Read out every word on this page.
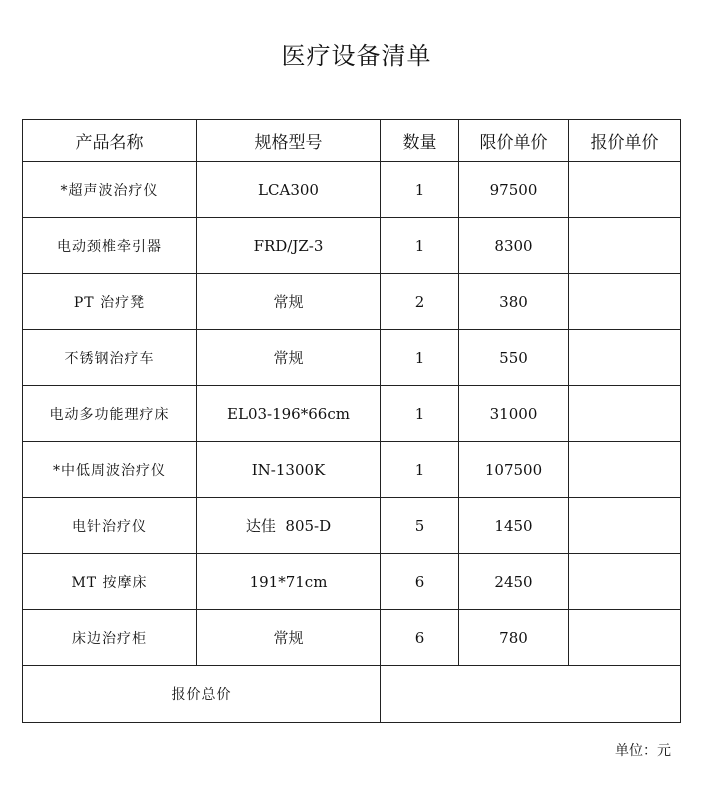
医疗设备清单
产品名称	规格型号	数量	限价单价	报价单价
*超声波治疗仪	LCA300	1	97500	
电动颈椎牵引器	FRD/JZ-3	1	8300	
PT 治疗凳	常规	2	380	
不锈钢治疗车	常规	1	550	
电动多功能理疗床	EL03-196*66cm	1	31000	
*中低周波治疗仪	IN-1300K	1	107500	
电针治疗仪	达佳  805-D	5	1450	
MT 按摩床	191*71cm	6	2450	
床边治疗柜	常规	6	780	
报价总价				
单位：元
